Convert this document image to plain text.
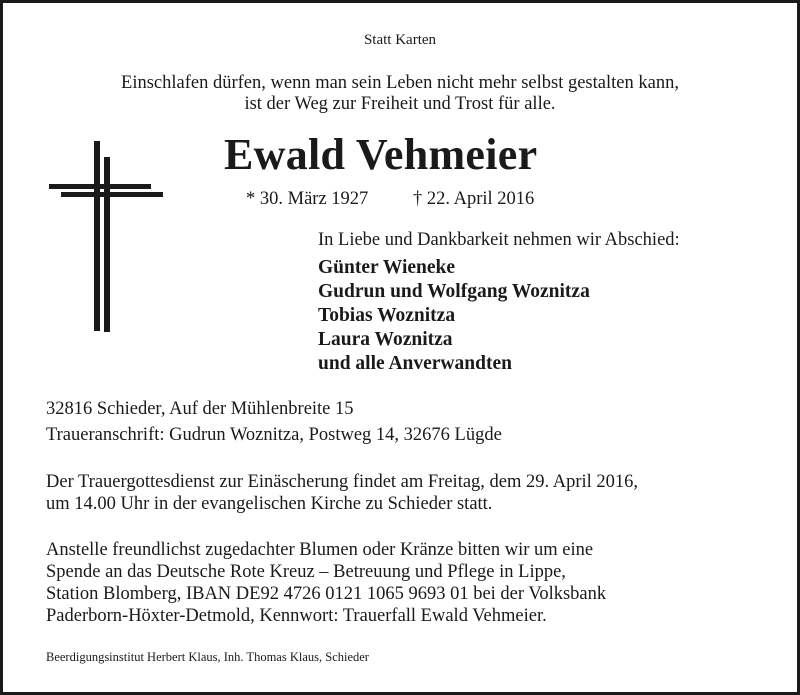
Statt Karten
Einschlafen dürfen, wenn man sein Leben nicht mehr selbst gestalten kann,
ist der Weg zur Freiheit und Trost für alle.
Ewald Vehmeier
* 30. März 1927 † 22. April 2016
In Liebe und Dankbarkeit nehmen wir Abschied:
Günter Wieneke
Gudrun und Wolfgang Woznitza
Tobias Woznitza
Laura Woznitza
und alle Anverwandten
32816 Schieder, Auf der Mühlenbreite 15
Traueranschrift: Gudrun Woznitza, Postweg 14, 32676 Lügde
Der Trauergottesdienst zur Einäscherung findet am Freitag, dem 29. April 2016,
um 14.00 Uhr in der evangelischen Kirche zu Schieder statt.
Anstelle freundlichst zugedachter Blumen oder Kränze bitten wir um eine
Spende an das Deutsche Rote Kreuz – Betreuung und Pflege in Lippe,
Station Blomberg, IBAN DE92 4726 0121 1065 9693 01 bei der Volksbank
Paderborn-Höxter-Detmold, Kennwort: Trauerfall Ewald Vehmeier.
Beerdigungsinstitut Herbert Klaus, Inh. Thomas Klaus, Schieder
